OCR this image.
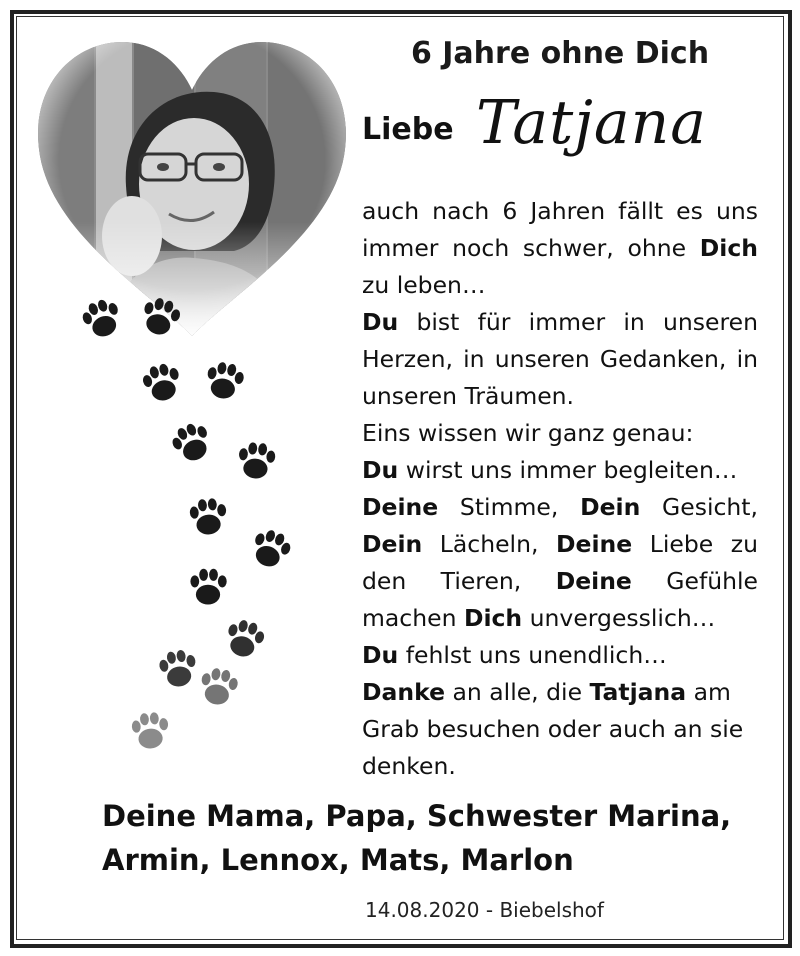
6 Jahre ohne Dich
Liebe Tatjana

auch nach 6 Jahren fällt es uns immer noch schwer, ohne Dich zu leben…

Du bist für immer in unseren Herzen, in unseren Gedanken, in unseren Träumen.

Eins wissen wir ganz genau:

Du wirst uns immer begleiten…

Deine Stimme, Dein Gesicht, Dein Lächeln, Deine Liebe zu den Tieren, Deine Gefühle machen Dich unvergesslich…

Du fehlst uns unendlich…

Danke an alle, die Tatjana am Grab besuchen oder auch an sie denken.

Deine Mama, Papa, Schwester Marina,
Armin, Lennox, Mats, Marlon
14.08.2020 - Biebelshof
